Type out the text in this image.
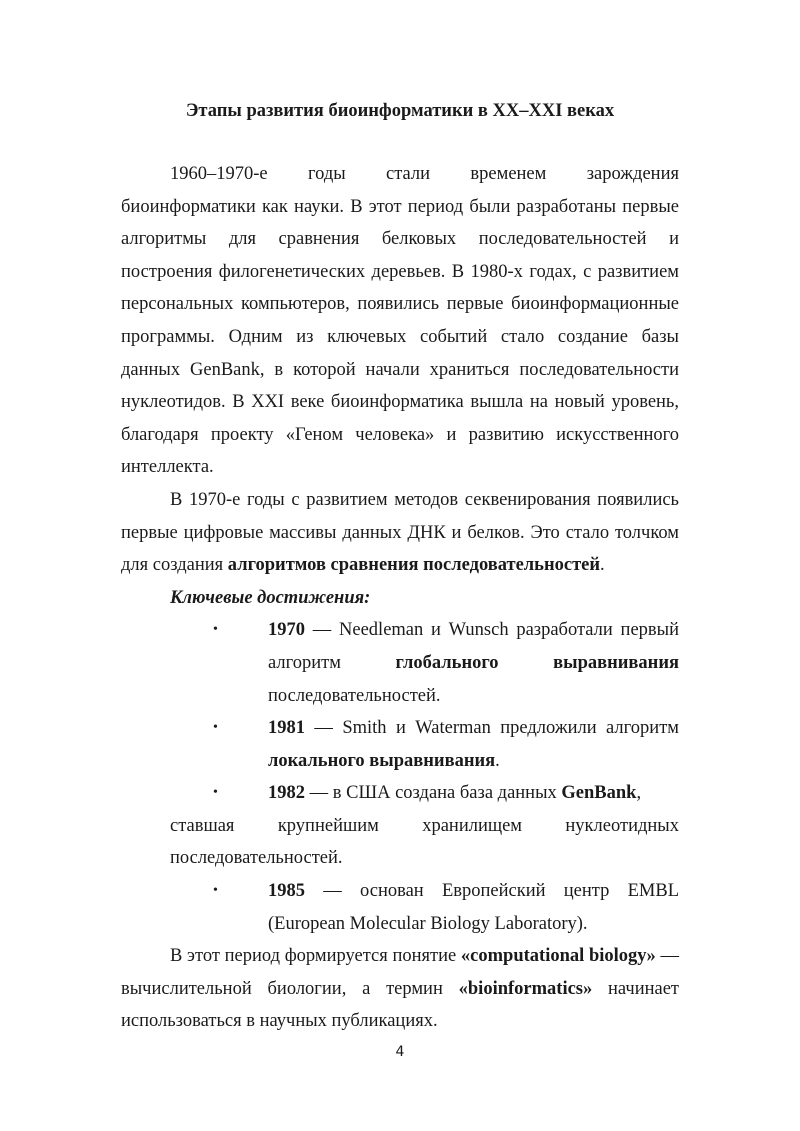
Этапы развития биоинформатики в XX–XXI веках
1960–1970-е годы стали временем зарождения

биоинформатики как науки. В этот период были разработаны первые алгоритмы для сравнения белковых последовательностей и построения филогенетических деревьев. В 1980-х годах, с развитием персональных компьютеров, появились первые биоинформационные программы. Одним из ключевых событий стало создание базы данных GenBank, в которой начали храниться последовательности нуклеотидов. В XXI веке биоинформатика вышла на новый уровень, благодаря проекту «Геном человека» и развитию искусственного интеллекта.

В 1970-е годы с развитием методов секвенирования появились первые цифровые массивы данных ДНК и белков. Это стало толчком для создания алгоритмов сравнения последовательностей.

Ключевые достижения:

•	1970 — Needleman и Wunsch разработали первый алгоритм глобального выравнивания последовательностей.
•	1981 — Smith и Waterman предложили алгоритм локального выравнивания.
•	1982 — в США создана база данных GenBank,
ставшая крупнейшим хранилищем нуклеотидных
последовательностей.
•	1985 — основан Европейский центр EMBL (European Molecular Biology Laboratory).

В этот период формируется понятие «computational biology» — вычислительной биологии, а термин «bioinformatics» начинает использоваться в научных публикациях.

4
